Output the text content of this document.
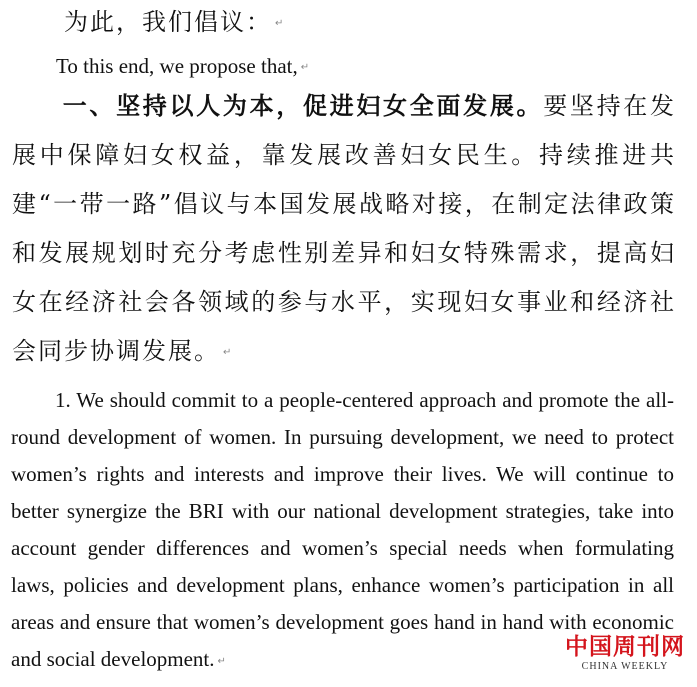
为此，我们倡议： ↵

To this end, we propose that, ↵

一、坚持以人为本，促进妇女全面发展。要坚持在发展中保障妇女权益，靠发展改善妇女民生。持续推进共建“一带一路”倡议与本国发展战略对接，在制定法律政策和发展规划时充分考虑性别差异和妇女特殊需求，提高妇女在经济社会各领域的参与水平，实现妇女事业和经济社会同步协调发展。 ↵

1. We should commit to a people-centered approach and promote the all-round development of women. In pursuing development, we need to protect women’s rights and interests and improve their lives. We will continue to better synergize the BRI with our national development strategies, take into account gender differences and women’s special needs when formulating laws, policies and development plans, enhance women’s participation in all areas and ensure that women’s development goes hand in hand with economic and social development. ↵

中国周刊网
CHINA WEEKLY
